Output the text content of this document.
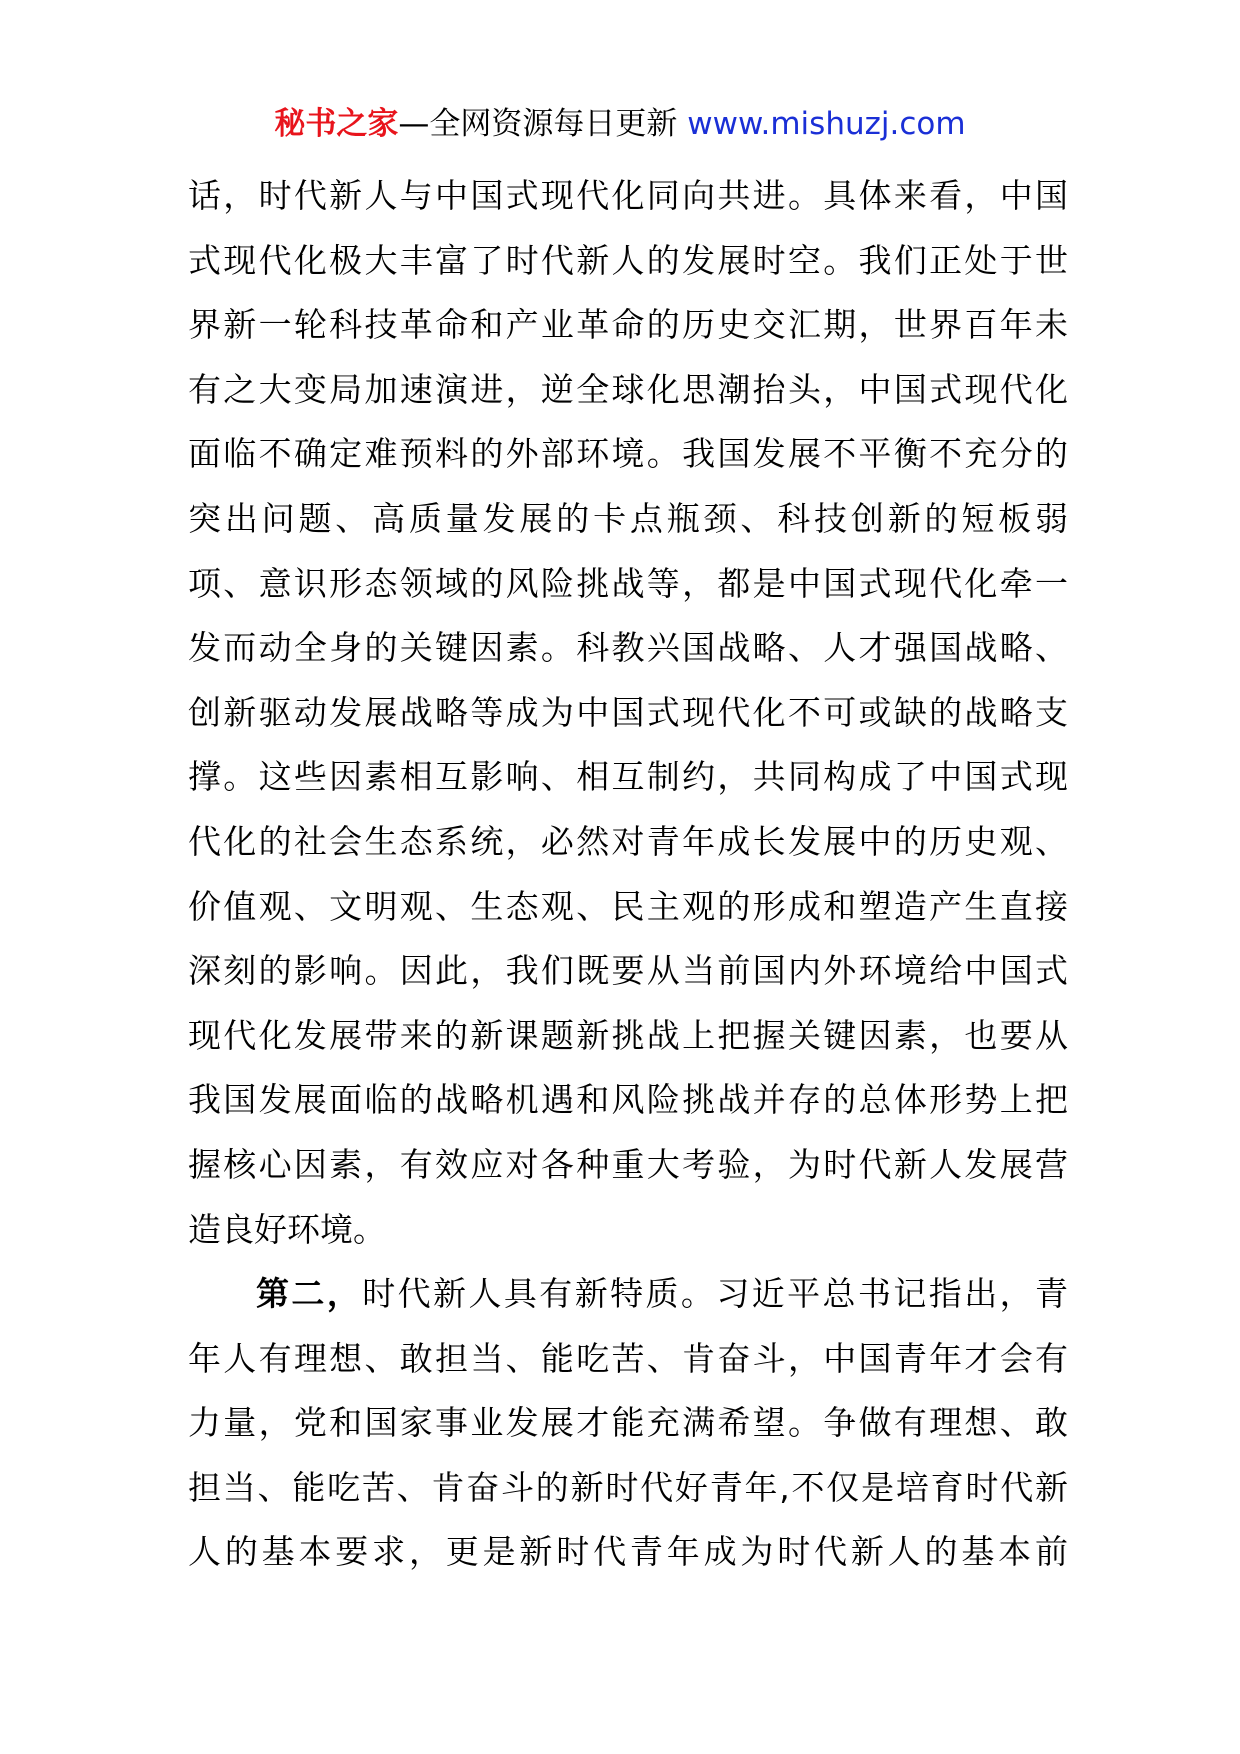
秘书之家—全网资源每日更新 www.mishuzj.com
话，时代新人与中国式现代化同向共进。具体来看，中国
式现代化极大丰富了时代新人的发展时空。我们正处于世
界新一轮科技革命和产业革命的历史交汇期，世界百年未
有之大变局加速演进，逆全球化思潮抬头，中国式现代化
面临不确定难预料的外部环境。我国发展不平衡不充分的
突出问题、高质量发展的卡点瓶颈、科技创新的短板弱
项、意识形态领域的风险挑战等，都是中国式现代化牵一
发而动全身的关键因素。科教兴国战略、人才强国战略、
创新驱动发展战略等成为中国式现代化不可或缺的战略支
撑。这些因素相互影响、相互制约，共同构成了中国式现
代化的社会生态系统，必然对青年成长发展中的历史观、
价值观、文明观、生态观、民主观的形成和塑造产生直接
深刻的影响。因此，我们既要从当前国内外环境给中国式
现代化发展带来的新课题新挑战上把握关键因素，也要从
我国发展面临的战略机遇和风险挑战并存的总体形势上把
握核心因素，有效应对各种重大考验，为时代新人发展营
造良好环境。
第二，时代新人具有新特质。习近平总书记指出，青
年人有理想、敢担当、能吃苦、肯奋斗，中国青年才会有
力量，党和国家事业发展才能充满希望。争做有理想、敢
担当、能吃苦、肯奋斗的新时代好青年,不仅是培育时代新
人的基本要求，更是新时代青年成为时代新人的基本前
